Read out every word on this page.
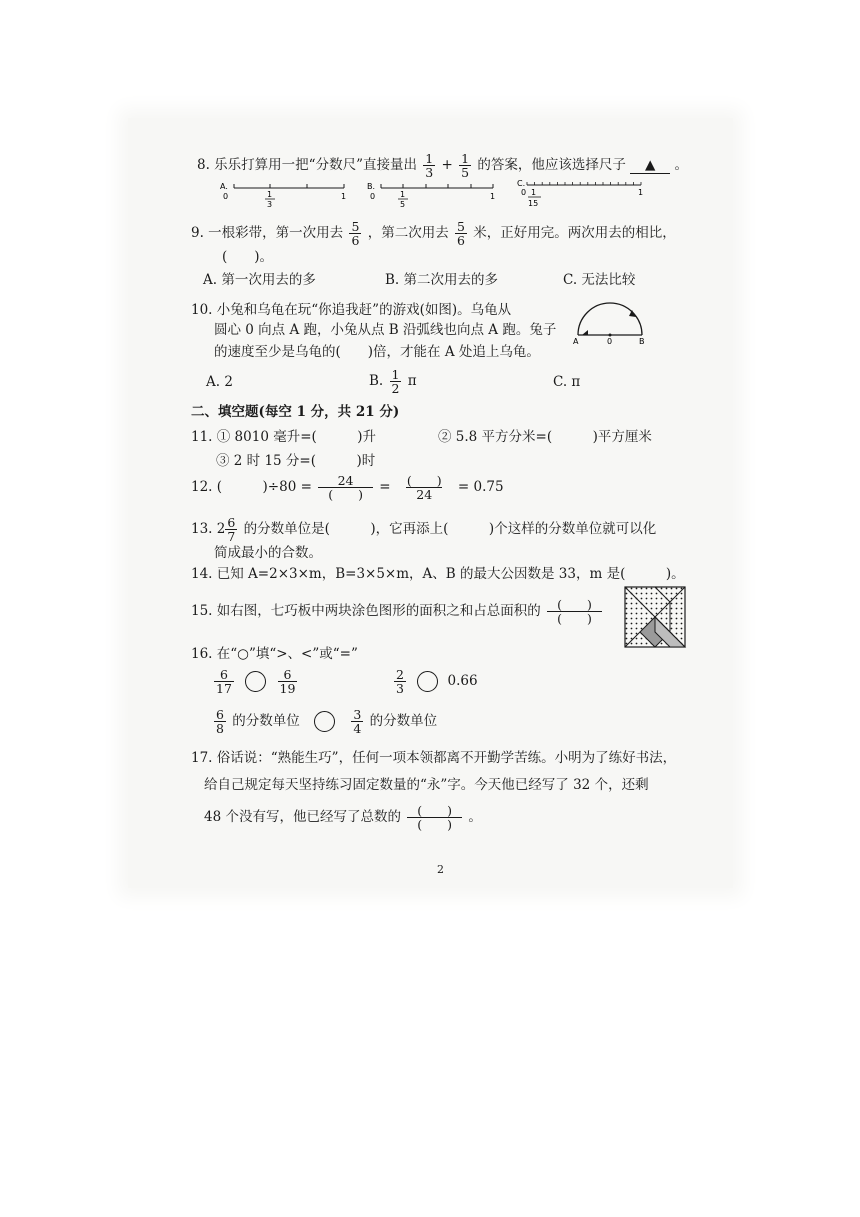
8. 乐乐打算用一把“分数尺”直接量出 $\frac{1}{3} + \frac{1}{5}$ 的答案，他应该选择尺子 ▲ 。
A.
0	1
3
1
B.
0	1
5
1
C.
0 1
15
1
9. 一根彩带，第一次用去 $\frac{5}{6}$ ，第二次用去 $\frac{5}{6}$ 米，正好用完。两次用去的相比，
(　　)。
A. 第一次用去的多	B. 第二次用去的多	C. 无法比较
10. 小兔和乌龟在玩“你追我赶”的游戏(如图)。乌龟从
圆心 0 向点 A 跑，小兔从点 B 沿弧线也向点 A 跑。兔子
的速度至少是乌龟的(　　)倍，才能在 A 处追上乌龟。
A	0	B
A. 2	B. $\frac{1}{2}$ π	C. π
二、填空题(每空 1 分，共 21 分)
11. ① 8010 毫升=(　　　)升	② 5.8 平方分米=(　　　)平方厘米
③ 2 时 15 分=(　　　)时
12. (　　　)$\div 80 = \frac{24}{( )} = \frac{( )}{24} = 0.75$
13. $2 \frac{6}{7}$ 的分数单位是(　　　)，它再添上(　　　)个这样的分数单位就可以化
简成最小的合数。
14. 已知 A=2×3×m，B=3×5×m，A、B 的最大公因数是 33，m 是(　　　)。
15. 如右图，七巧板中两块涂色图形的面积之和占总面积的 $\frac{( )}{( )}$
16. 在“○”填“>、<”或“=”
$\frac{6}{17}$
	$\frac{6}{19}$	$\frac{2}{3}$	0.66
$\frac{6}{8}$ 的分数单位	$\frac{3}{4}$ 的分数单位
17. 俗话说：“熟能生巧”，任何一项本领都离不开勤学苦练。小明为了练好书法，
给自己规定每天坚持练习固定数量的“永”字。今天他已经写了 32 个，还剩
48 个没有写，他已经写了总数的 $\frac{( )}{( )}$ 。
2
